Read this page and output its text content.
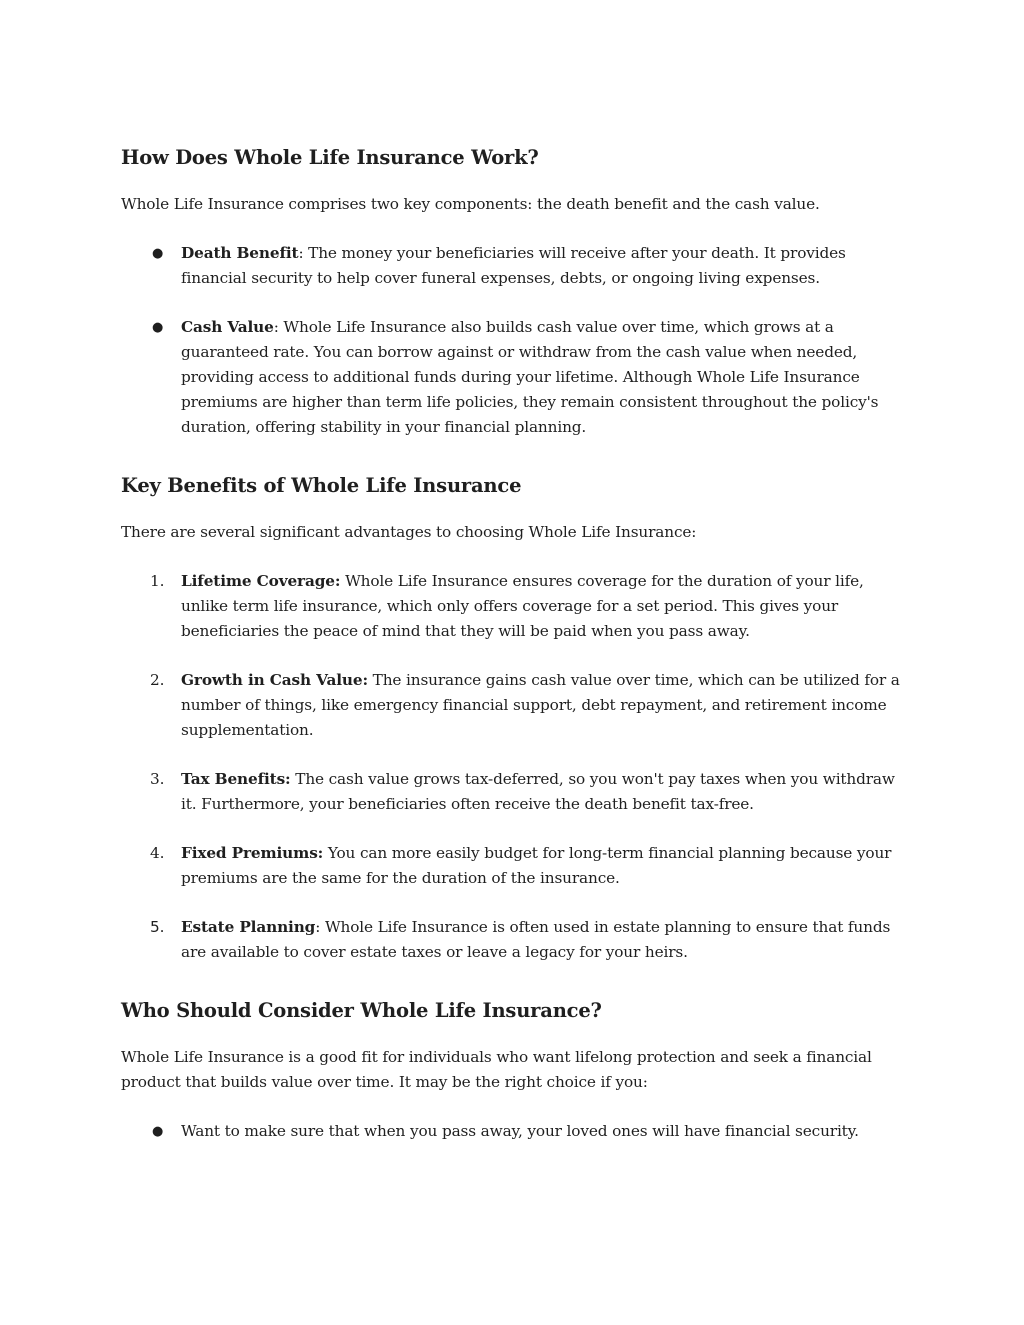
How Does Whole Life Insurance Work?

Whole Life Insurance comprises two key components: the death benefit and the cash value.

● Death Benefit: The money your beneficiaries will receive after your death. It provides financial security to help cover funeral expenses, debts, or ongoing living expenses.
● Cash Value: Whole Life Insurance also builds cash value over time, which grows at a guaranteed rate. You can borrow against or withdraw from the cash value when needed, providing access to additional funds during your lifetime. Although Whole Life Insurance premiums are higher than term life policies, they remain consistent throughout the policy's duration, offering stability in your financial planning.
Key Benefits of Whole Life Insurance

There are several significant advantages to choosing Whole Life Insurance:

1. Lifetime Coverage: Whole Life Insurance ensures coverage for the duration of your life, unlike term life insurance, which only offers coverage for a set period. This gives your beneficiaries the peace of mind that they will be paid when you pass away.
2. Growth in Cash Value: The insurance gains cash value over time, which can be utilized for a number of things, like emergency financial support, debt repayment, and retirement income supplementation.
3. Tax Benefits: The cash value grows tax-deferred, so you won't pay taxes when you withdraw it. Furthermore, your beneficiaries often receive the death benefit tax-free.
4. Fixed Premiums: You can more easily budget for long-term financial planning because your premiums are the same for the duration of the insurance.
5. Estate Planning: Whole Life Insurance is often used in estate planning to ensure that funds are available to cover estate taxes or leave a legacy for your heirs.
Who Should Consider Whole Life Insurance?

Whole Life Insurance is a good fit for individuals who want lifelong protection and seek a financial product that builds value over time. It may be the right choice if you:

● Want to make sure that when you pass away, your loved ones will have financial security.
